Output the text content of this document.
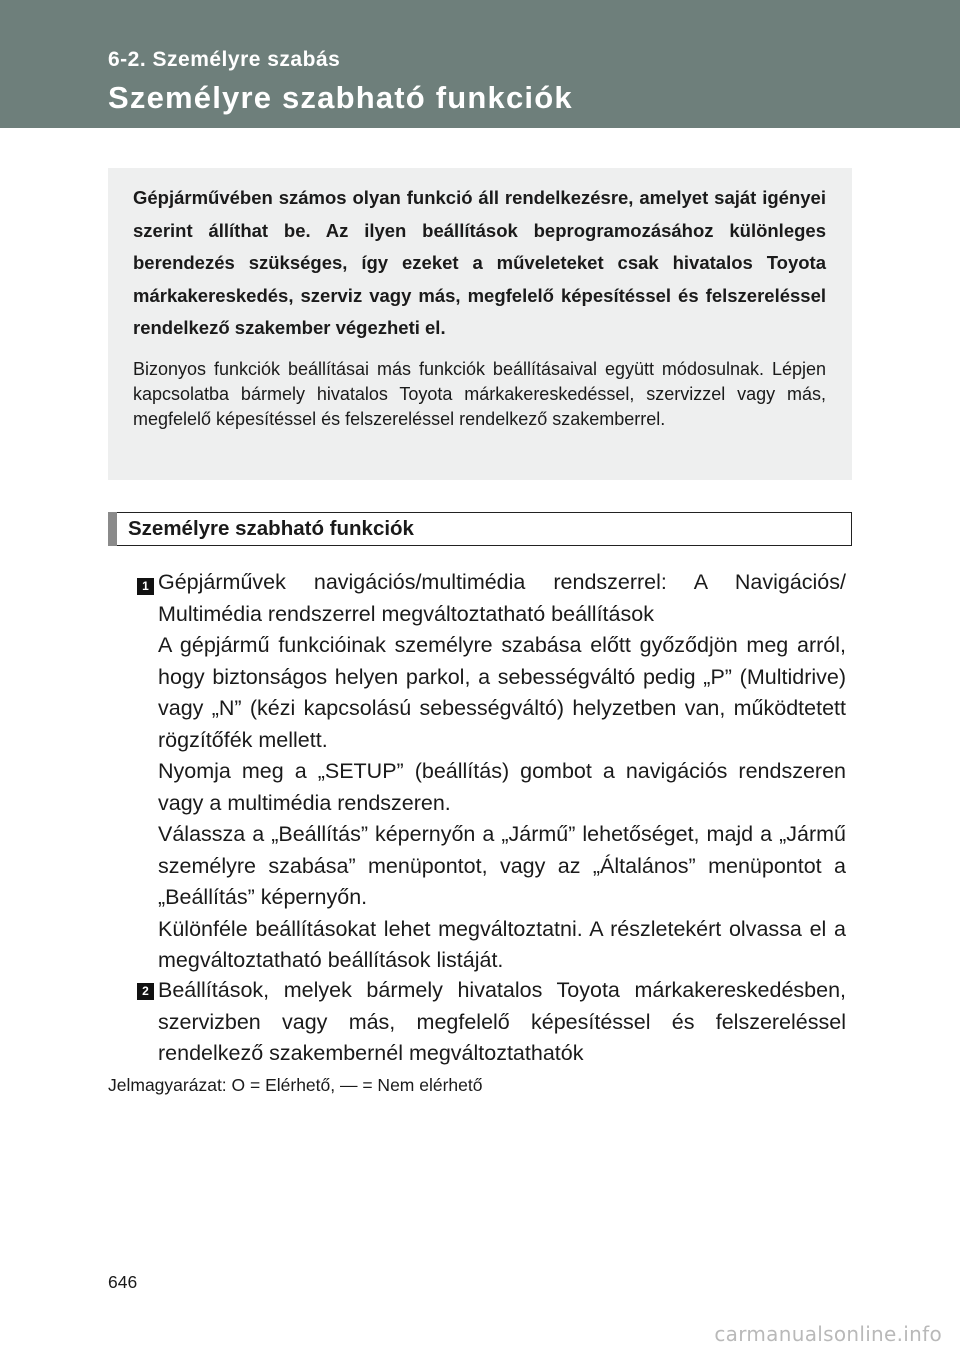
6-2. Személyre szabás
Személyre szabható funkciók

Gépjárművében számos olyan funkció áll rendelkezésre, amelyet saját igényei szerint állíthat be. Az ilyen beállítások beprogramozásához különleges berendezés szükséges, így ezeket a műveleteket csak hivatalos Toyota márkakereskedés, szerviz vagy más, megfelelő képesítéssel és felszereléssel rendelkező szakember végezheti el.

Bizonyos funkciók beállításai más funkciók beállításaival együtt módosulnak. Lépjen kapcsolatba bármely hivatalos Toyota márkakereskedéssel, szervizzel vagy más, megfelelő képesítéssel és felszereléssel rendelkező szakemberrel.

Személyre szabható funkciók
1 Gépjárművek navigációs/multimédia rendszerrel: A Navigációs/ Multimédia rendszerrel megváltoztatható beállítások

A gépjármű funkcióinak személyre szabása előtt győződjön meg arról, hogy biztonságos helyen parkol, a sebességváltó pedig „P” (Multidrive) vagy „N” (kézi kapcsolású sebességváltó) helyzetben van, működtetett rögzítőfék mellett.

Nyomja meg a „SETUP” (beállítás) gombot a navigációs rendszeren vagy a multimédia rendszeren.

Válassza a „Beállítás” képernyőn a „Jármű” lehetőséget, majd a „Jármű személyre szabása” menüpontot, vagy az „Általános” menüpontot a „Beállítás” képernyőn.

Különféle beállításokat lehet megváltoztatni. A részletekért olvassa el a megváltoztatható beállítások listáját.

2 Beállítások, melyek bármely hivatalos Toyota márkakereskedésben, szervizben vagy más, megfelelő képesítéssel és felszereléssel rendelkező szakembernél megváltoztathatók

Jelmagyarázat: O = Elérhető, — = Nem elérhető
646
carmanualsonline.info
